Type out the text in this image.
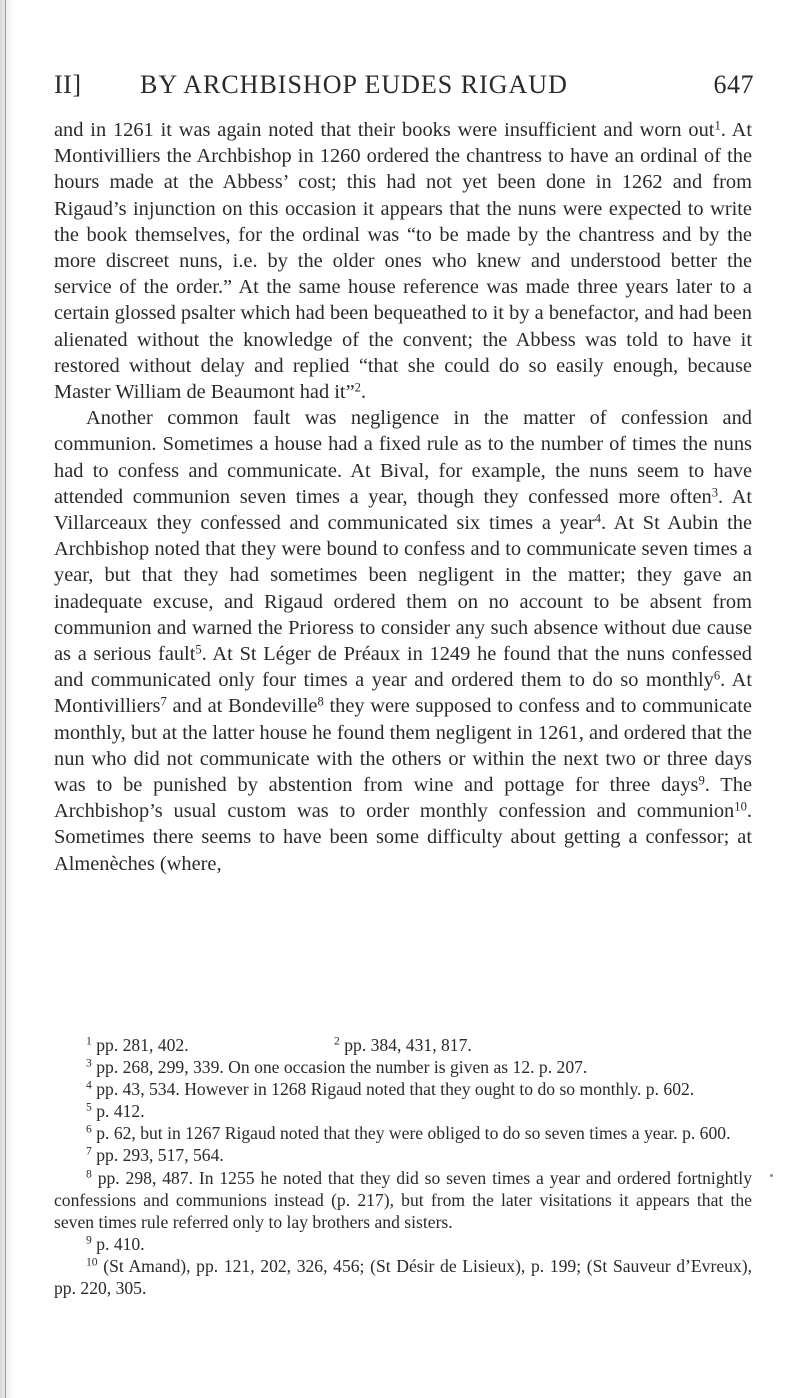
II] BY ARCHBISHOP EUDES RIGAUD	647

and in 1261 it was again noted that their books were insufficient and worn out$^1$. At Montivilliers the Archbishop in 1260 ordered the chantress to have an ordinal of the hours made at the Abbess’ cost; this had not yet been done in 1262 and from Rigaud’s injunction on this occasion it appears that the nuns were expected to write the book themselves, for the ordinal was “to be made by the chantress and by the more discreet nuns, i.e. by the older ones who knew and understood better the service of the order.” At the same house reference was made three years later to a certain glossed psalter which had been bequeathed to it by a benefactor, and had been alienated without the knowledge of the convent; the Abbess was told to have it restored without delay and replied “that she could do so easily enough, because Master William de Beaumont had it”$^2$.

Another common fault was negligence in the matter of confession and communion. Sometimes a house had a fixed rule as to the number of times the nuns had to confess and communicate. At Bival, for example, the nuns seem to have attended communion seven times a year, though they confessed more often$^3$. At Villarceaux they confessed and communicated six times a year$^4$. At St Aubin the Archbishop noted that they were bound to confess and to communicate seven times a year, but that they had sometimes been negligent in the matter; they gave an inadequate excuse, and Rigaud ordered them on no account to be absent from communion and warned the Prioress to consider any such absence without due cause as a serious fault$^5$. At St Léger de Préaux in 1249 he found that the nuns confessed and communicated only four times a year and ordered them to do so monthly$^6$. At Montivilliers$^7$ and at Bondeville$^8$ they were supposed to confess and to communicate monthly, but at the latter house he found them negligent in 1261, and ordered that the nun who did not communicate with the others or within the next two or three days was to be punished by abstention from wine and pottage for three days$^9$. The Archbishop’s usual custom was to order monthly confession and communion$^{10}$. Sometimes there seems to have been some difficulty about getting a confessor; at Almenèches (where,

$^1$ pp. 281, 402.	$^2$ pp. 384, 431, 817.
$^3$ pp. 268, 299, 339. On one occasion the number is given as 12. p. 207.
$^4$ pp. 43, 534. However in 1268 Rigaud noted that they ought to do so monthly. p. 602.
$^5$ p. 412.
$^6$ p. 62, but in 1267 Rigaud noted that they were obliged to do so seven times a year. p. 600.
$^7$ pp. 293, 517, 564.
$^8$ pp. 298, 487. In 1255 he noted that they did so seven times a year and ordered fortnightly confessions and communions instead (p. 217), but from the later visitations it appears that the seven times rule referred only to lay brothers and sisters.
$^9$ p. 410.
$^{10}$ (St Amand), pp. 121, 202, 326, 456; (St Désir de Lisieux), p. 199; (St Sauveur d’Evreux), pp. 220, 305.
